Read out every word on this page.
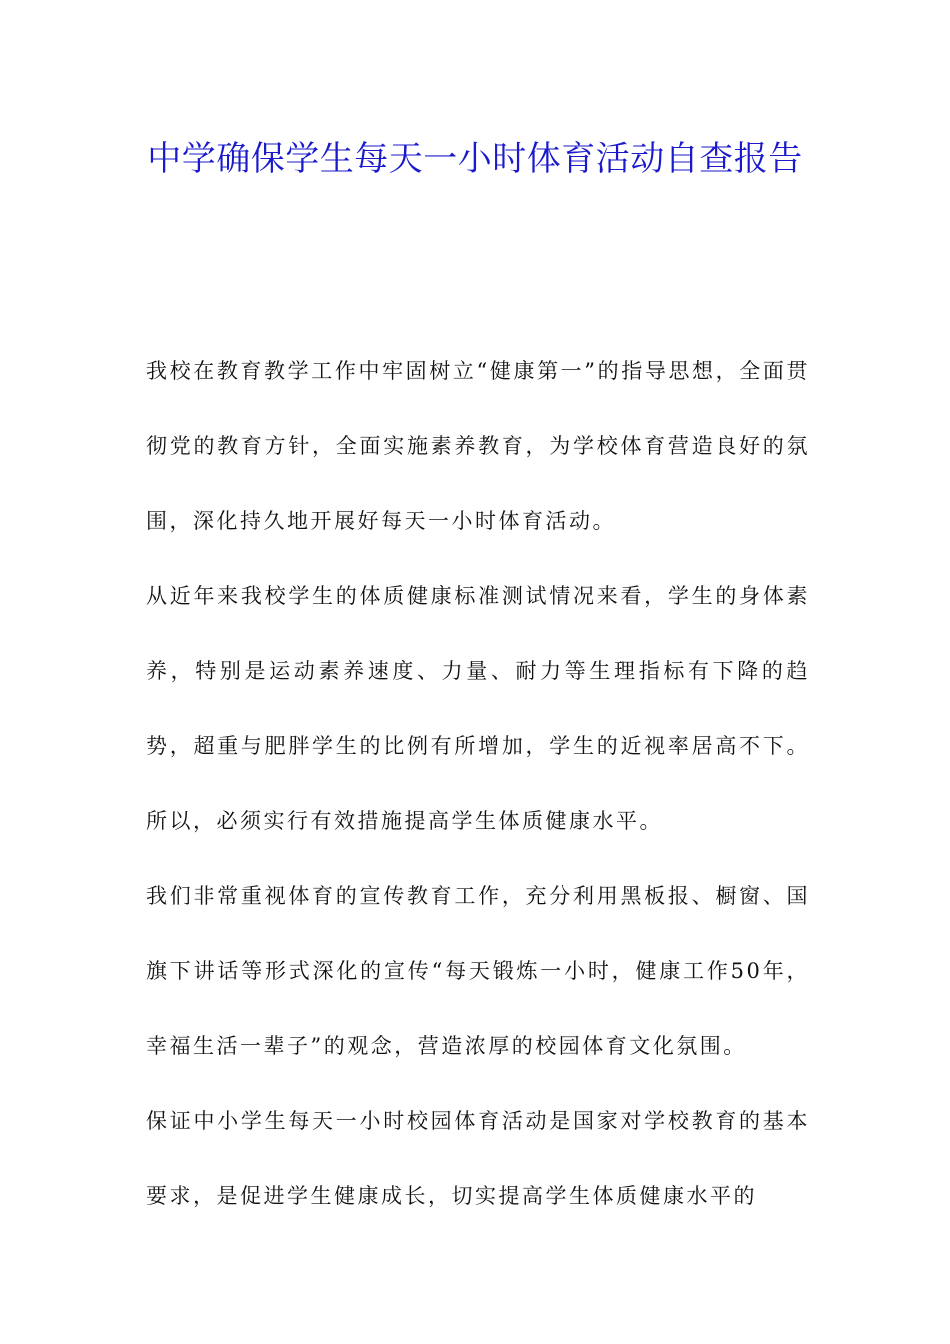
中学确保学生每天一小时体育活动自查报告

我校在教育教学工作中牢固树立“健康第一”的指导思想，全面贯彻党的教育方针，全面实施素养教育，为学校体育营造良好的氛围，深化持久地开展好每天一小时体育活动。

从近年来我校学生的体质健康标准测试情况来看，学生的身体素养，特别是运动素养速度、力量、耐力等生理指标有下降的趋势，超重与肥胖学生的比例有所增加，学生的近视率居高不下。所以，必须实行有效措施提高学生体质健康水平。

我们非常重视体育的宣传教育工作，充分利用黑板报、橱窗、国旗下讲话等形式深化的宣传“每天锻炼一小时，健康工作50年，幸福生活一辈子”的观念，营造浓厚的校园体育文化氛围。

保证中小学生每天一小时校园体育活动是国家对学校教育的基本要求，是促进学生健康成长，切实提高学生体质健康水平的
